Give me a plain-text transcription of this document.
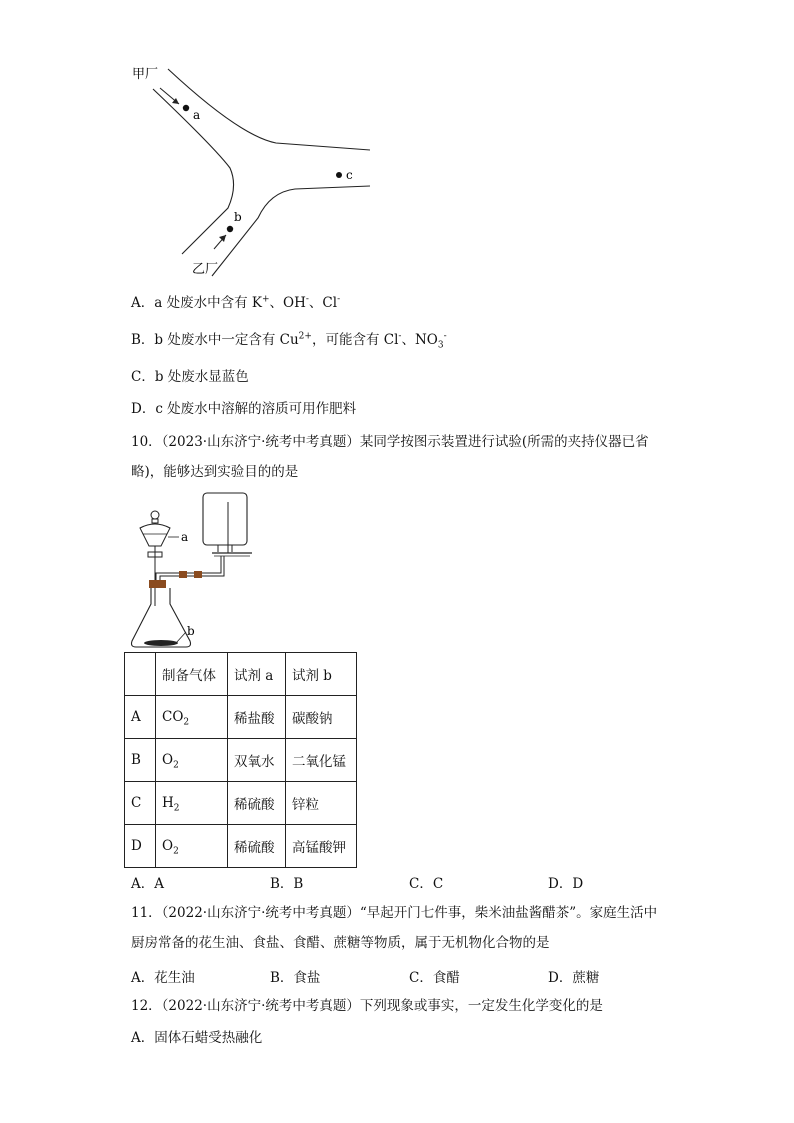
甲厂
a
c
b
乙厂
A．a 处废水中含有 K+、OH-、Cl-
B．b 处废水中一定含有 $Cu^{2+}$，可能含有 Cl-、$NO_3^-$
C．b 处废水显蓝色
D．c 处废水中溶解的溶质可用作肥料
10．（2023·山东济宁·统考中考真题）某同学按图示装置进行试验(所需的夹持仪器已省
略)，能够达到实验目的的是
a
b
	制备气体	试剂 a	试剂 b
A	$CO_2$	稀盐酸	碳酸钠
B	$O_2$	双氧水	二氧化锰
C	$H_2$	稀硫酸	锌粒
D	$O_2$	稀硫酸	高锰酸钾
A．A	B．B	C．C	D．D
11．（2022·山东济宁·统考中考真题）“早起开门七件事，柴米油盐酱醋茶”。家庭生活中
厨房常备的花生油、食盐、食醋、蔗糖等物质，属于无机物化合物的是
A．花生油	B．食盐	C．食醋	D．蔗糖
12．（2022·山东济宁·统考中考真题）下列现象或事实，一定发生化学变化的是
A．固体石蜡受热融化
